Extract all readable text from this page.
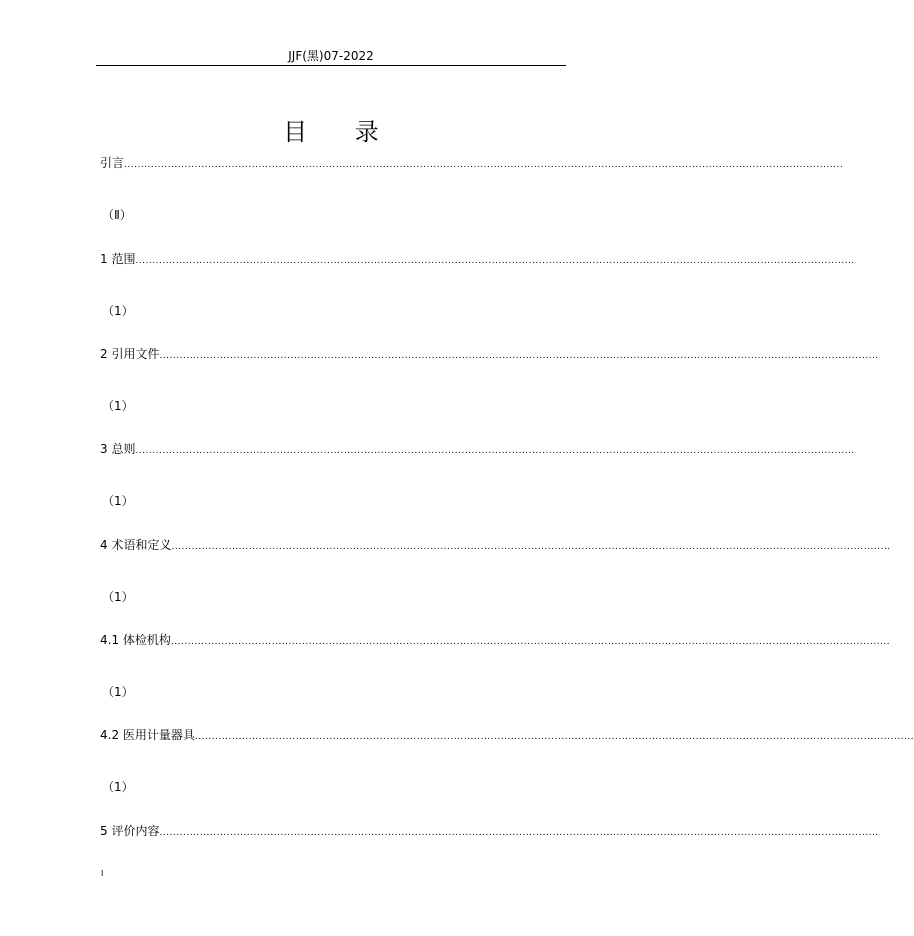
JJF(黑)07-2022
目 录
引言 ......................................................................................................................................................................................................................
（Ⅱ）
1 范围 ......................................................................................................................................................................................................................
（1）
2 引用文件 ......................................................................................................................................................................................................................
（1）
3 总则 ......................................................................................................................................................................................................................
（1）
4 术语和定义 ......................................................................................................................................................................................................................
（1）
4.1 体检机构 ......................................................................................................................................................................................................................
（1）
4.2 医用计量器具 ......................................................................................................................................................................................................................
（1）
5 评价内容 ......................................................................................................................................................................................................................
I
